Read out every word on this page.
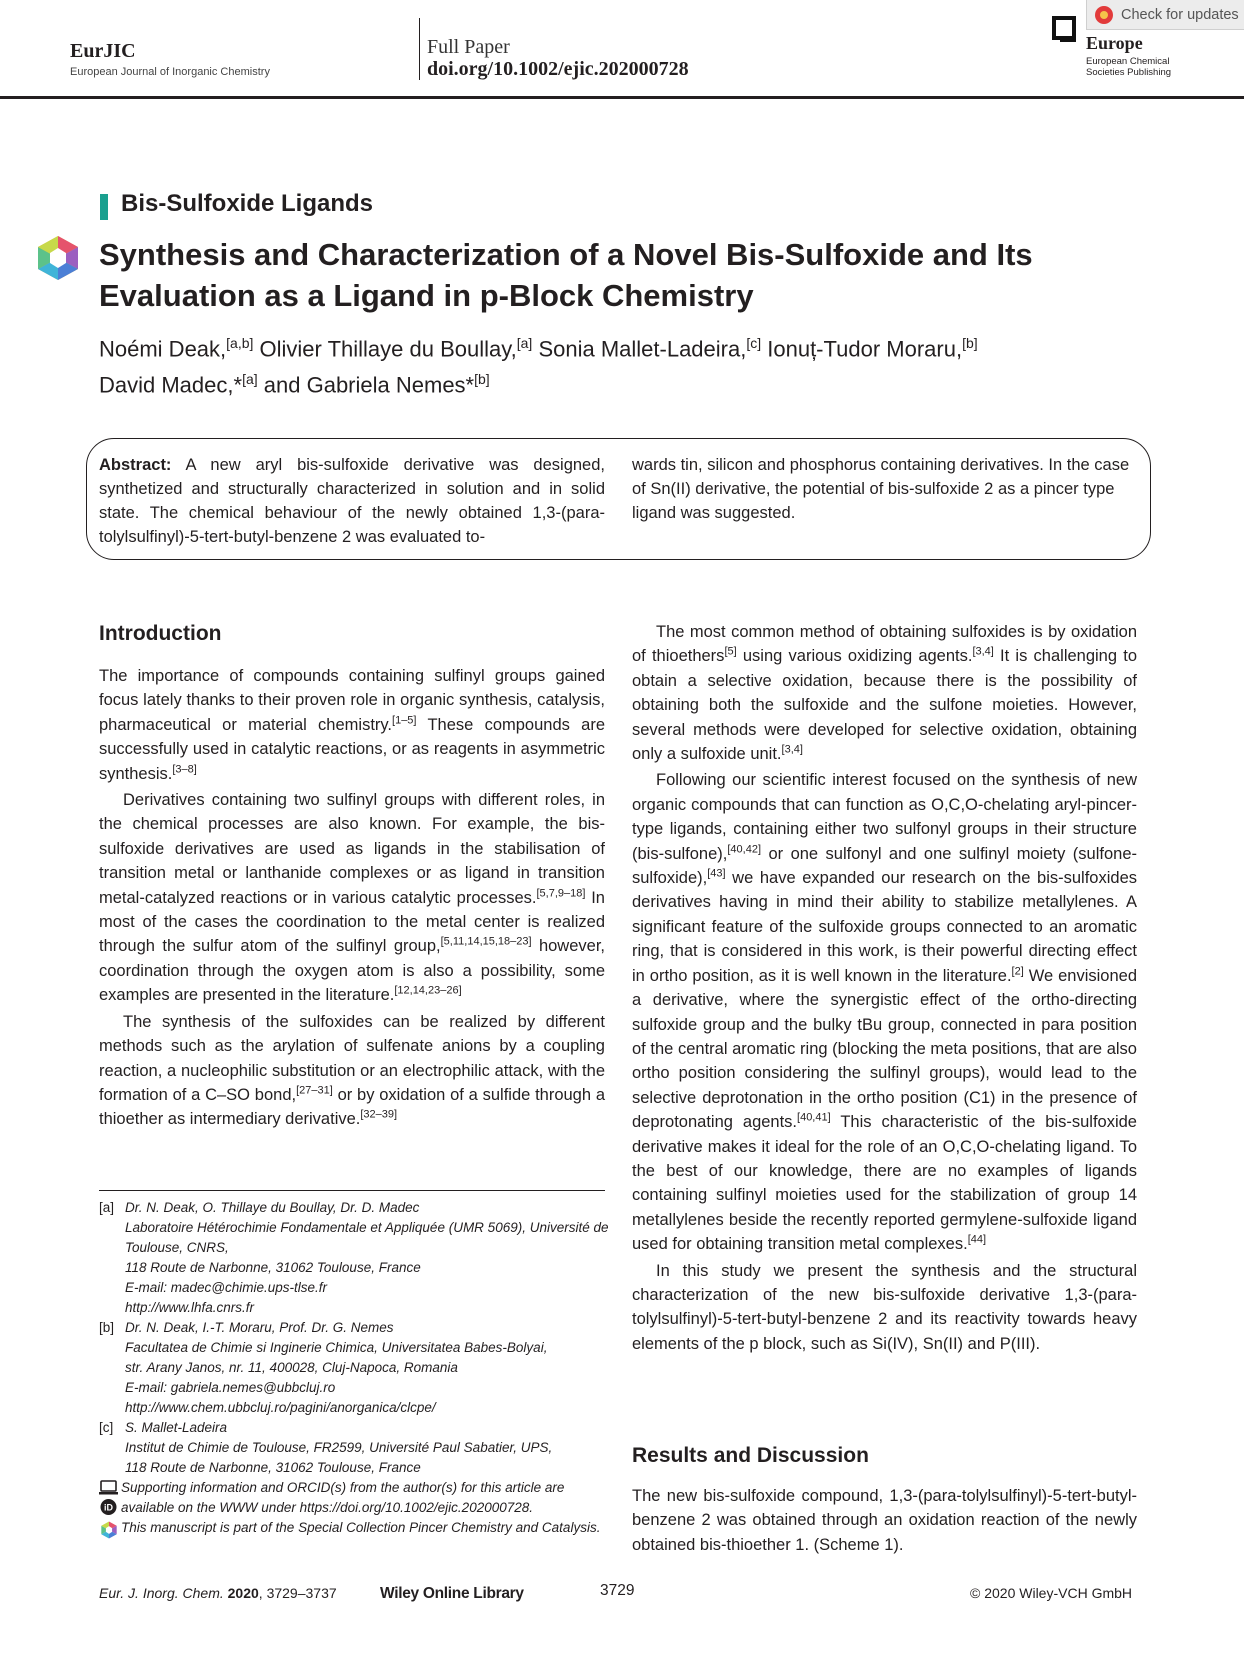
EurJIC
European Journal of Inorganic Chemistry
Full Paper
doi.org/10.1002/ejic.202000728
Europe
European Chemical
Societies Publishing
Check for updates
Bis-Sulfoxide Ligands
Synthesis and Characterization of a Novel Bis-Sulfoxide and Its
Evaluation as a Ligand in p-Block Chemistry
Noémi Deak,[a,b] Olivier Thillaye du Boullay,[a] Sonia Mallet-Ladeira,[c] Ionuț-Tudor Moraru,[b]
David Madec,*[a] and Gabriela Nemes*[b]

Abstract: A new aryl bis-sulfoxide derivative was designed, synthetized and structurally characterized in solution and in solid state. The chemical behaviour of the newly obtained 1,3-(para-tolylsulfinyl)-5-tert-butyl-benzene 2 was evaluated to-

wards tin, silicon and phosphorus containing derivatives. In the case of Sn(II) derivative, the potential of bis-sulfoxide 2 as a pincer type ligand was suggested.

Introduction

The importance of compounds containing sulfinyl groups gained focus lately thanks to their proven role in organic synthesis, catalysis, pharmaceutical or material chemistry.[1–5] These compounds are successfully used in catalytic reactions, or as reagents in asymmetric synthesis.[3–8]

Derivatives containing two sulfinyl groups with different roles, in the chemical processes are also known. For example, the bis-sulfoxide derivatives are used as ligands in the stabilisation of transition metal or lanthanide complexes or as ligand in transition metal-catalyzed reactions or in various catalytic processes.[5,7,9–18] In most of the cases the coordination to the metal center is realized through the sulfur atom of the sulfinyl group,[5,11,14,15,18–23] however, coordination through the oxygen atom is also a possibility, some examples are presented in the literature.[12,14,23–26]

The synthesis of the sulfoxides can be realized by different methods such as the arylation of sulfenate anions by a coupling reaction, a nucleophilic substitution or an electrophilic attack, with the formation of a C–SO bond,[27–31] or by oxidation of a sulfide through a thioether as intermediary derivative.[32–39]

The most common method of obtaining sulfoxides is by oxidation of thioethers[5] using various oxidizing agents.[3,4] It is challenging to obtain a selective oxidation, because there is the possibility of obtaining both the sulfoxide and the sulfone moieties. However, several methods were developed for selective oxidation, obtaining only a sulfoxide unit.[3,4]

Following our scientific interest focused on the synthesis of new organic compounds that can function as O,C,O-chelating aryl-pincer-type ligands, containing either two sulfonyl groups in their structure (bis-sulfone),[40,42] or one sulfonyl and one sulfinyl moiety (sulfone-sulfoxide),[43] we have expanded our research on the bis-sulfoxides derivatives having in mind their ability to stabilize metallylenes. A significant feature of the sulfoxide groups connected to an aromatic ring, that is considered in this work, is their powerful directing effect in ortho position, as it is well known in the literature.[2] We envisioned a derivative, where the synergistic effect of the ortho-directing sulfoxide group and the bulky tBu group, connected in para position of the central aromatic ring (blocking the meta positions, that are also ortho position considering the sulfinyl groups), would lead to the selective deprotonation in the ortho position (C1) in the presence of deprotonating agents.[40,41] This characteristic of the bis-sulfoxide derivative makes it ideal for the role of an O,C,O-chelating ligand. To the best of our knowledge, there are no examples of ligands containing sulfinyl moieties used for the stabilization of group 14 metallylenes beside the recently reported germylene-sulfoxide ligand used for obtaining transition metal complexes.[44]

In this study we present the synthesis and the structural characterization of the new bis-sulfoxide derivative 1,3-(para-tolylsulfinyl)-5-tert-butyl-benzene 2 and its reactivity towards heavy elements of the p block, such as Si(IV), Sn(II) and P(III).

Results and Discussion

The new bis-sulfoxide compound, 1,3-(para-tolylsulfinyl)-5-tert-butyl-benzene 2 was obtained through an oxidation reaction of the newly obtained bis-thioether 1. (Scheme 1).

[a] Dr. N. Deak, O. Thillaye du Boullay, Dr. D. Madec
Laboratoire Hétérochimie Fondamentale et Appliquée (UMR 5069), Université de Toulouse, CNRS,
118 Route de Narbonne, 31062 Toulouse, France
E-mail: madec@chimie.ups-tlse.fr
http://www.lhfa.cnrs.fr
[b] Dr. N. Deak, I.-T. Moraru, Prof. Dr. G. Nemes
Facultatea de Chimie si Inginerie Chimica, Universitatea Babes-Bolyai,
str. Arany Janos, nr. 11, 400028, Cluj-Napoca, Romania
E-mail: gabriela.nemes@ubbcluj.ro
http://www.chem.ubbcluj.ro/pagini/anorganica/clcpe/
[c] S. Mallet-Ladeira
Institut de Chimie de Toulouse, FR2599, Université Paul Sabatier, UPS,
118 Route de Narbonne, 31062 Toulouse, France
iD
Supporting information and ORCID(s) from the author(s) for this article are available on the WWW under https://doi.org/10.1002/ejic.202000728.
This manuscript is part of the Special Collection Pincer Chemistry and Catalysis.
Eur. J. Inorg. Chem. 2020, 3729–3737	Wiley Online Library	3729	© 2020 Wiley-VCH GmbH
